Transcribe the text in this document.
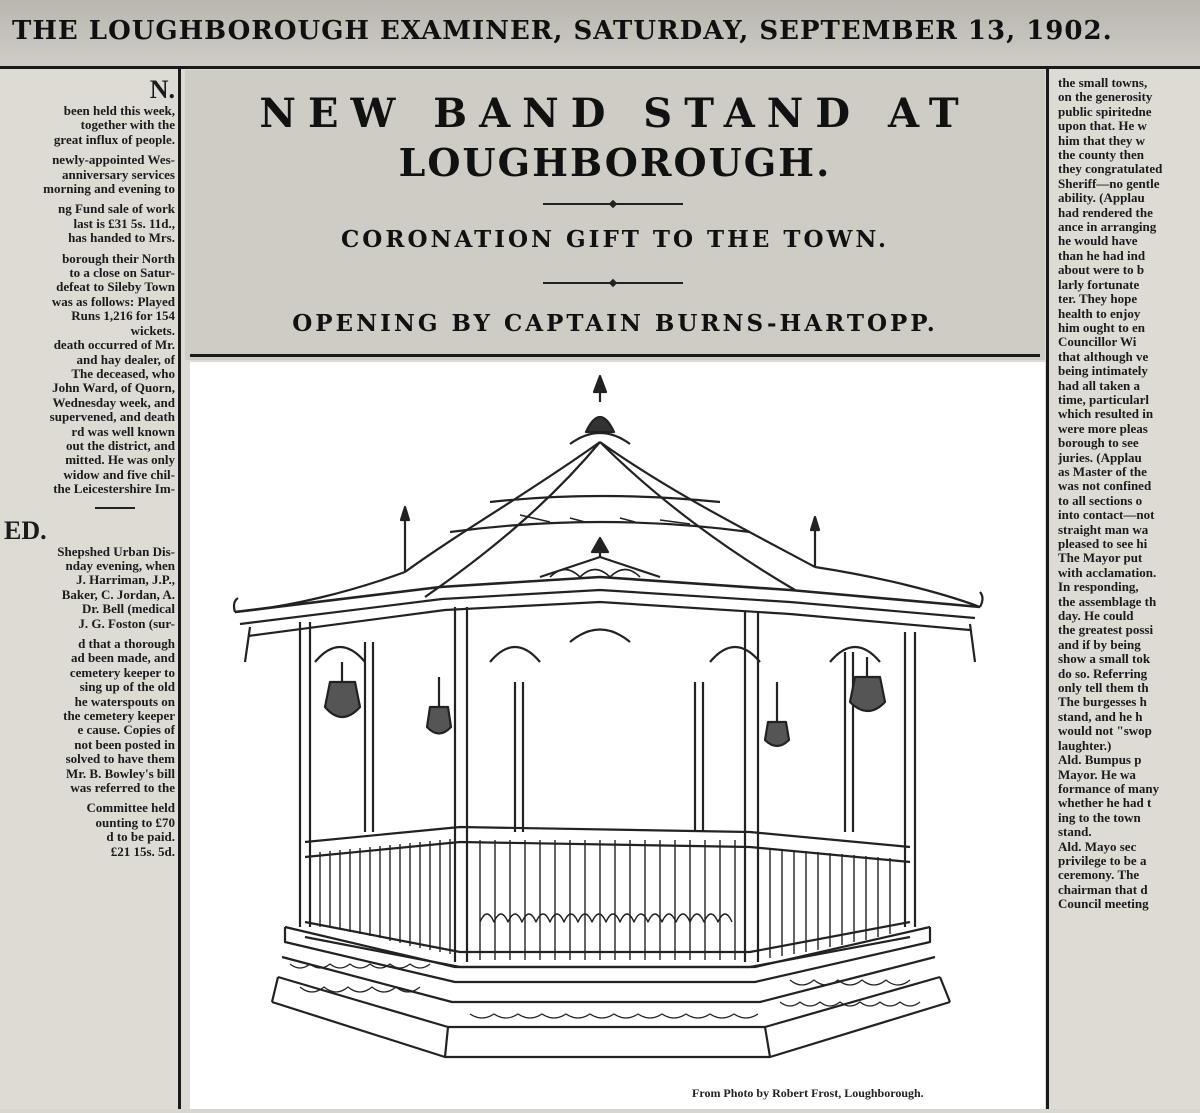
THE LOUGHBOROUGH EXAMINER, SATURDAY, SEPTEMBER 13, 1902.

N.

been held this week,

together with the

great influx of people.

newly-appointed Wes-

anniversary services

morning and evening to

ng Fund sale of work

last is £31 5s. 11d.,

has handed to Mrs.

borough their North

to a close on Satur-

defeat to Sileby Town

was as follows: Played

Runs 1,216 for 154

wickets.

death occurred of Mr.

and hay dealer, of

The deceased, who

John Ward, of Quorn,

Wednesday week, and

supervened, and death

rd was well known

out the district, and

mitted. He was only

widow and five chil-

the Leicestershire Im-

ED.

Shepshed Urban Dis-

nday evening, when

J. Harriman, J.P.,

Baker, C. Jordan, A.

Dr. Bell (medical

J. G. Foston (sur-

d that a thorough

ad been made, and

cemetery keeper to

sing up of the old

he waterspouts on

the cemetery keeper

e cause. Copies of

not been posted in

solved to have them

Mr. B. Bowley's bill

was referred to the

Committee held

ounting to £70

d to be paid.

£21 15s. 5d.

NEW BAND STAND AT
LOUGHBOROUGH.
CORONATION GIFT TO THE TOWN.
OPENING BY CAPTAIN BURNS-HARTOPP.
From Photo by Robert Frost, Loughborough.

the small towns,

on the generosity

public spiritedne

upon that. He w

him that they w

the county then

they congratulated

Sheriff—no gentle

ability. (Applau

had rendered the

ance in arranging

he would have

than he had ind

about were to b

larly fortunate

ter. They hope

health to enjoy

him ought to en

Councillor Wi

that although ve

being intimately

had all taken a

time, particularl

which resulted in

were more pleas

borough to see

juries. (Applau

as Master of the

was not confined

to all sections o

into contact—not

straight man wa

pleased to see hi

The Mayor put

with acclamation.

In responding,

the assemblage th

day. He could

the greatest possi

and if by being

show a small tok

do so. Referring

only tell them th

The burgesses h

stand, and he h

would not "swop

laughter.)

Ald. Bumpus p

Mayor. He wa

formance of many

whether he had t

ing to the town

stand.

Ald. Mayo sec

privilege to be a

ceremony. The

chairman that d

Council meeting
